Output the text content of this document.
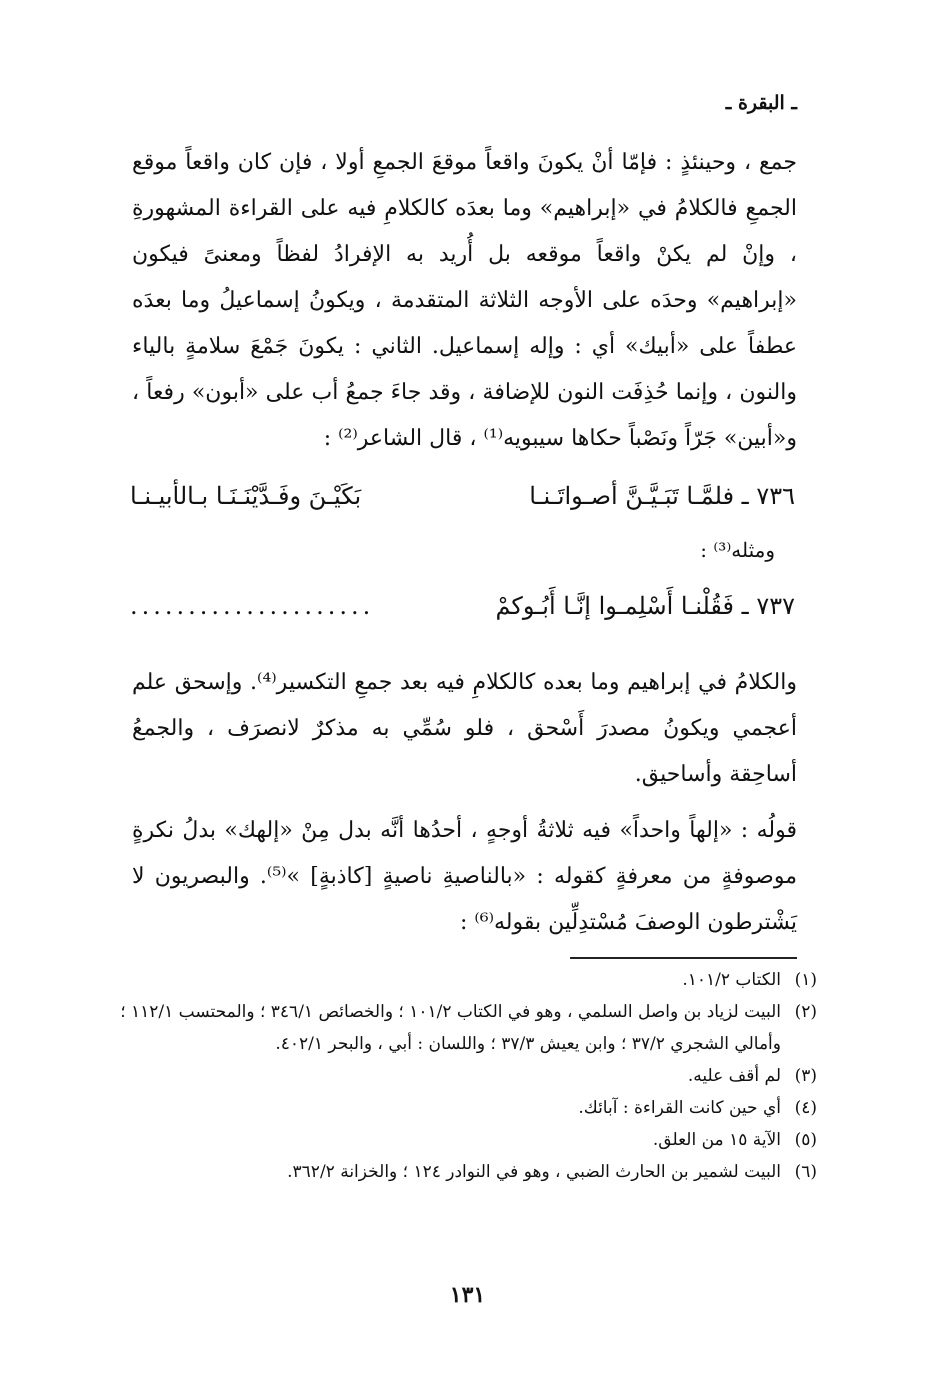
ـ البقرة ـ
جمع ، وحينئذٍ : فإمّا أنْ يكونَ واقعاً موقعَ الجمعِ أولا ، فإن كان واقعاً موقع الجمعِ فالكلامُ في «إبراهيم» وما بعدَه كالكلامِ فيه على القراءة المشهورةِ ، وإنْ لم يكنْ واقعاً موقعه بل أُريد به الإفرادُ لفظاً ومعنىً فيكون «إبراهيم» وحدَه على الأوجه الثلاثة المتقدمة ، ويكونُ إسماعيلُ وما بعدَه عطفاً على «أبيك» أي : وإله إسماعيل. الثاني : يكونَ جَمْعَ سلامةٍ بالياء والنون ، وإنما حُذِفَت النون للإضافة ، وقد جاءَ جمعُ أب على «أبون» رفعاً ، و«أبين» جَرّاً ونَصْباً حكاها سيبويه⁽¹⁾ ، قال الشاعر⁽²⁾ :
٧٣٦ ـ فلمَّـا تَبَـيَّـنَّ أصـواتَـنـا
بَكَيْـنَ وفَـدَّيْنَـنَـا بـالأبيـنـا
ومثله⁽³⁾ :
٧٣٧ ـ فَقُلْنـا أَسْلِمـوا إنَّـا أَبُـوكمْ
.....................
والكلامُ في إبراهيم وما بعده كالكلامِ فيه بعد جمعِ التكسير⁽⁴⁾. وإسحق علم أعجمي ويكونُ مصدرَ أَسْحق ، فلو سُمِّي به مذكرٌ لانصرَف ، والجمعُ أساحِقة وأساحيق.
قولُه : «إلهاً واحداً» فيه ثلاثةُ أوجهٍ ، أحدُها أنَّه بدل مِنْ «إلهك» بدلُ نكرةٍ موصوفةٍ من معرفةٍ كقوله : «بالناصيةِ ناصيةٍ [كاذبةٍ] »⁽⁵⁾. والبصريون لا يَشْترطون الوصفَ مُسْتدِلِّين بقوله⁽⁶⁾ :
(١)
الكتاب ١٠١/٢.
(٢)
البيت لزياد بن واصل السلمي ، وهو في الكتاب ١٠١/٢ ؛ والخصائص ٣٤٦/١ ؛ والمحتسب ١١٢/١ ؛ وأمالي الشجري ٣٧/٢ ؛ وابن يعيش ٣٧/٣ ؛ واللسان : أبي ، والبحر ٤٠٢/١.
(٣)
لم أقف عليه.
(٤)
أي حين كانت القراءة : آبائك.
(٥)
الآية ١٥ من العلق.
(٦)
البيت لشمير بن الحارث الضبي ، وهو في النوادر ١٢٤ ؛ والخزانة ٣٦٢/٢.
١٣١
